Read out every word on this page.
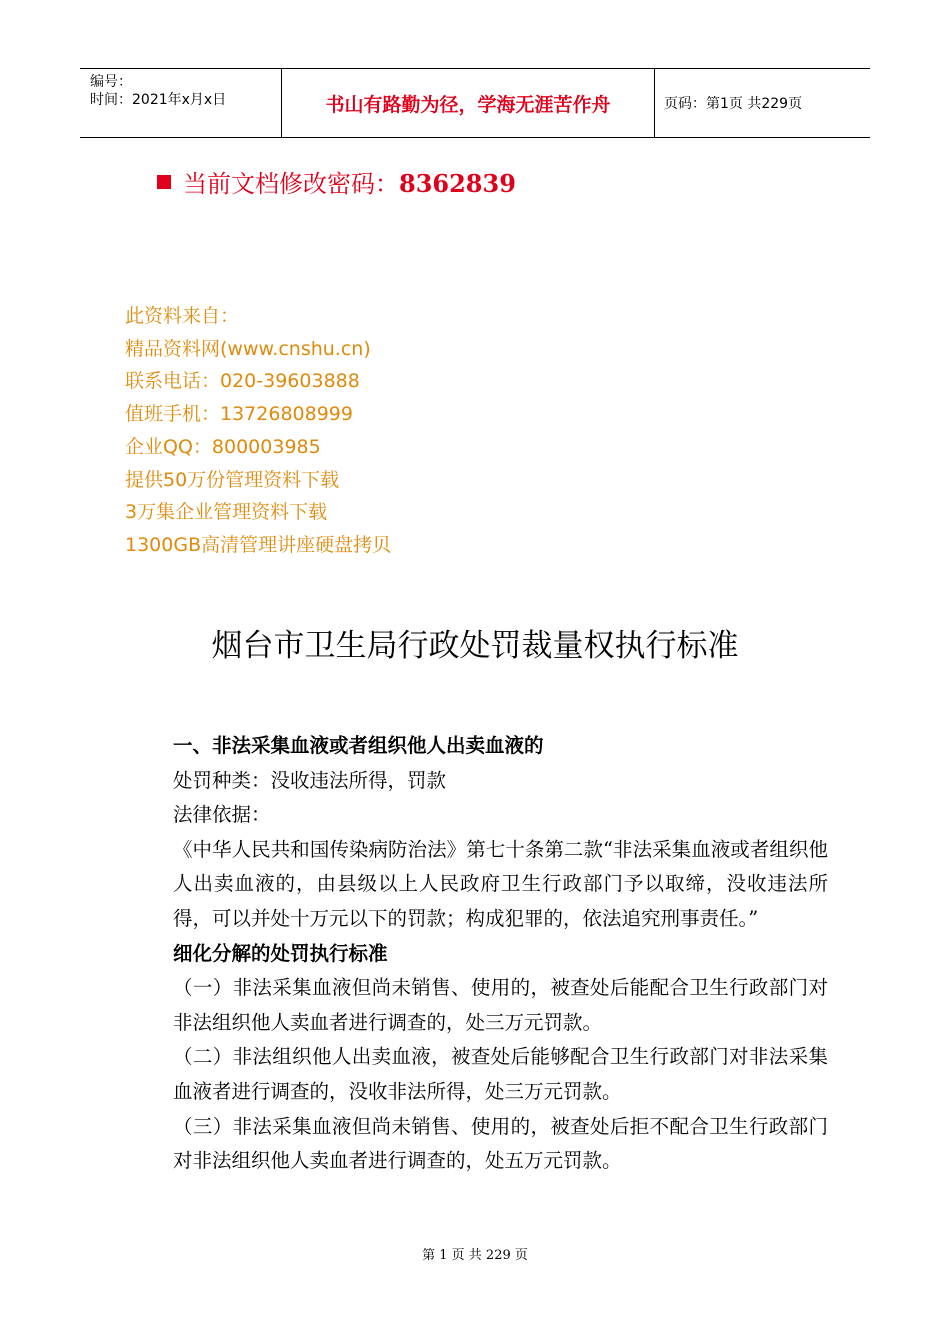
编号：
时间：2021年x月x日	书山有路勤为径，学海无涯苦作舟	页码：第1页 共229页
当前文档修改密码：8362839
此资料来自：
精品资料网(www.cnshu.cn)
联系电话：020-39603888
值班手机：13726808999
企业QQ：800003985
提供50万份管理资料下载
3万集企业管理资料下载
1300GB高清管理讲座硬盘拷贝
烟台市卫生局行政处罚裁量权执行标准

一、非法采集血液或者组织他人出卖血液的

处罚种类：没收违法所得，罚款

法律依据：

《中华人民共和国传染病防治法》第七十条第二款“非法采集血液或者组织他人出卖血液的，由县级以上人民政府卫生行政部门予以取缔，没收违法所得，可以并处十万元以下的罚款；构成犯罪的，依法追究刑事责任。”

细化分解的处罚执行标准

（一）非法采集血液但尚未销售、使用的，被查处后能配合卫生行政部门对非法组织他人卖血者进行调查的，处三万元罚款。

（二）非法组织他人出卖血液，被查处后能够配合卫生行政部门对非法采集血液者进行调查的，没收非法所得，处三万元罚款。

（三）非法采集血液但尚未销售、使用的，被查处后拒不配合卫生行政部门对非法组织他人卖血者进行调查的，处五万元罚款。

第 1 页 共 229 页
